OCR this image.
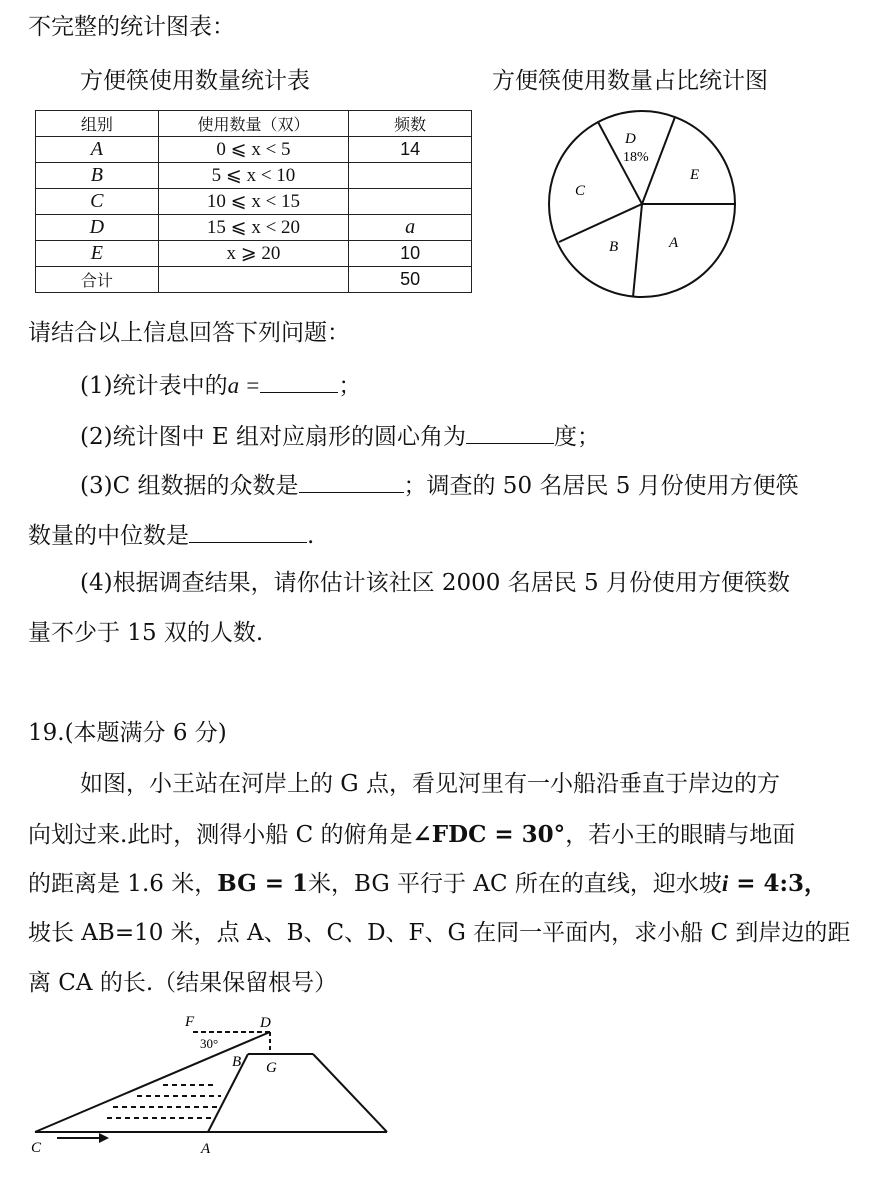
不完整的统计图表：
方便筷使用数量统计表	方便筷使用数量占比统计图
组别	使用数量（双）	频数
A	0 ⩽ x < 5	14
B	5 ⩽ x < 10	
C	10 ⩽ x < 15	
D	15 ⩽ x < 20	a
E	x ⩾ 20	10
合计		50
D
18%
E
C
B	A
请结合以上信息回答下列问题：
(1)统计表中的a =	；
(2)统计图中 E 组对应扇形的圆心角为	度；
(3)C 组数据的众数是	；调查的 50 名居民 5 月份使用方便筷
数量的中位数是	.
(4)根据调查结果，请你估计该社区 2000 名居民 5 月份使用方便筷数
量不少于 15 双的人数.
19.(本题满分 6 分)
如图，小王站在河岸上的 G 点，看见河里有一小船沿垂直于岸边的方
向划过来.此时，测得小船 C 的俯角是∠FDC = 30°，若小王的眼睛与地面
的距离是 1.6 米，BG = 1米，BG 平行于 AC 所在的直线，迎水坡i = 4:3，
坡长 AB=10 米，点 A、B、C、D、F、G 在同一平面内，求小船 C 到岸边的距
离 CA 的长.（结果保留根号）
F	D
30°
B G
C	A
